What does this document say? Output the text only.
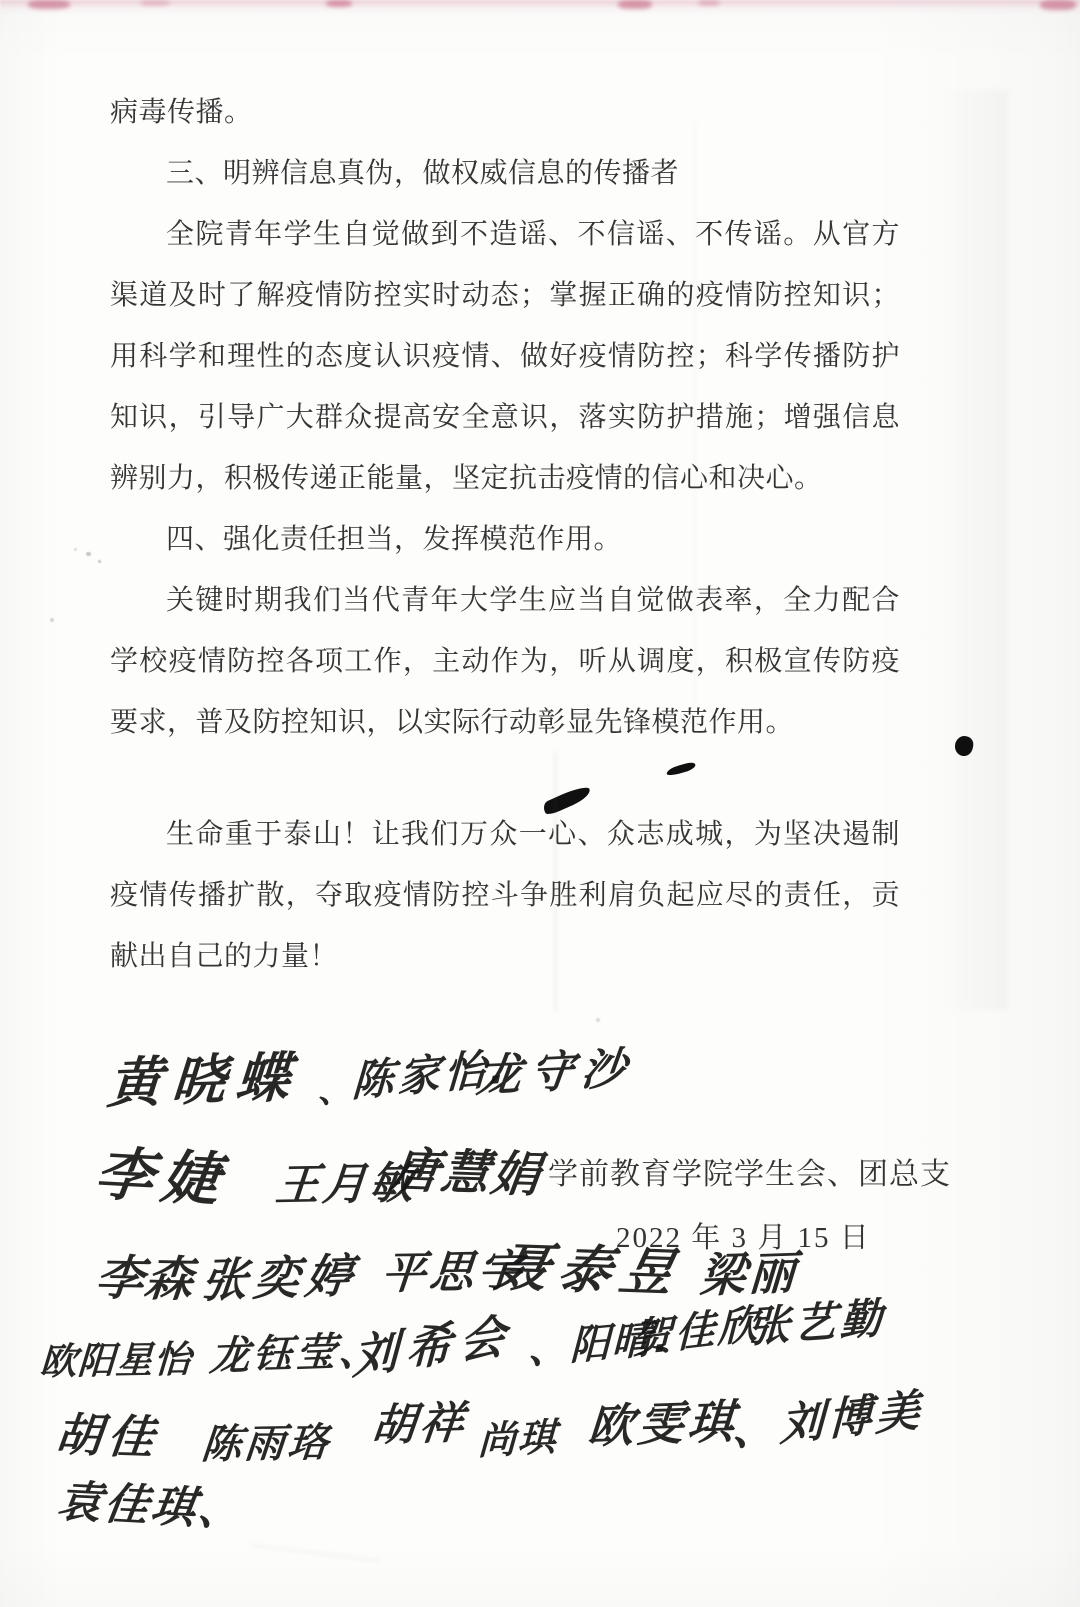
病毒传播。

三、明辨信息真伪，做权威信息的传播者

全院青年学生自觉做到不造谣、不信谣、不传谣。从官方渠道及时了解疫情防控实时动态；掌握正确的疫情防控知识；用科学和理性的态度认识疫情、做好疫情防控；科学传播防护知识，引导广大群众提高安全意识，落实防护措施；增强信息辨别力，积极传递正能量，坚定抗击疫情的信心和决心。

四、强化责任担当，发挥模范作用。

关键时期我们当代青年大学生应当自觉做表率，全力配合学校疫情防控各项工作，主动作为，听从调度，积极宣传防疫要求，普及防控知识，以实际行动彰显先锋模范作用。

生命重于泰山！让我们万众一心、众志成城，为坚决遏制疫情传播扩散，夺取疫情防控斗争胜利肩负起应尽的责任，贡献出自己的力量！

学前教育学院学生会、团总支
2022 年 3 月 15 日
黄晓蝶 、
陈家怡.
龙守沙
李婕 王月敏
唐慧娟
李森 张奕婷 平思宇
聂泰昱 梁丽
欧阳星怡 龙钰莹、
刘希会 、阳晴.
贺佳欣
张艺勤
胡佳 陈雨珞 胡祥 尚琪 欧雯琪
、刘博美
袁佳琪、
